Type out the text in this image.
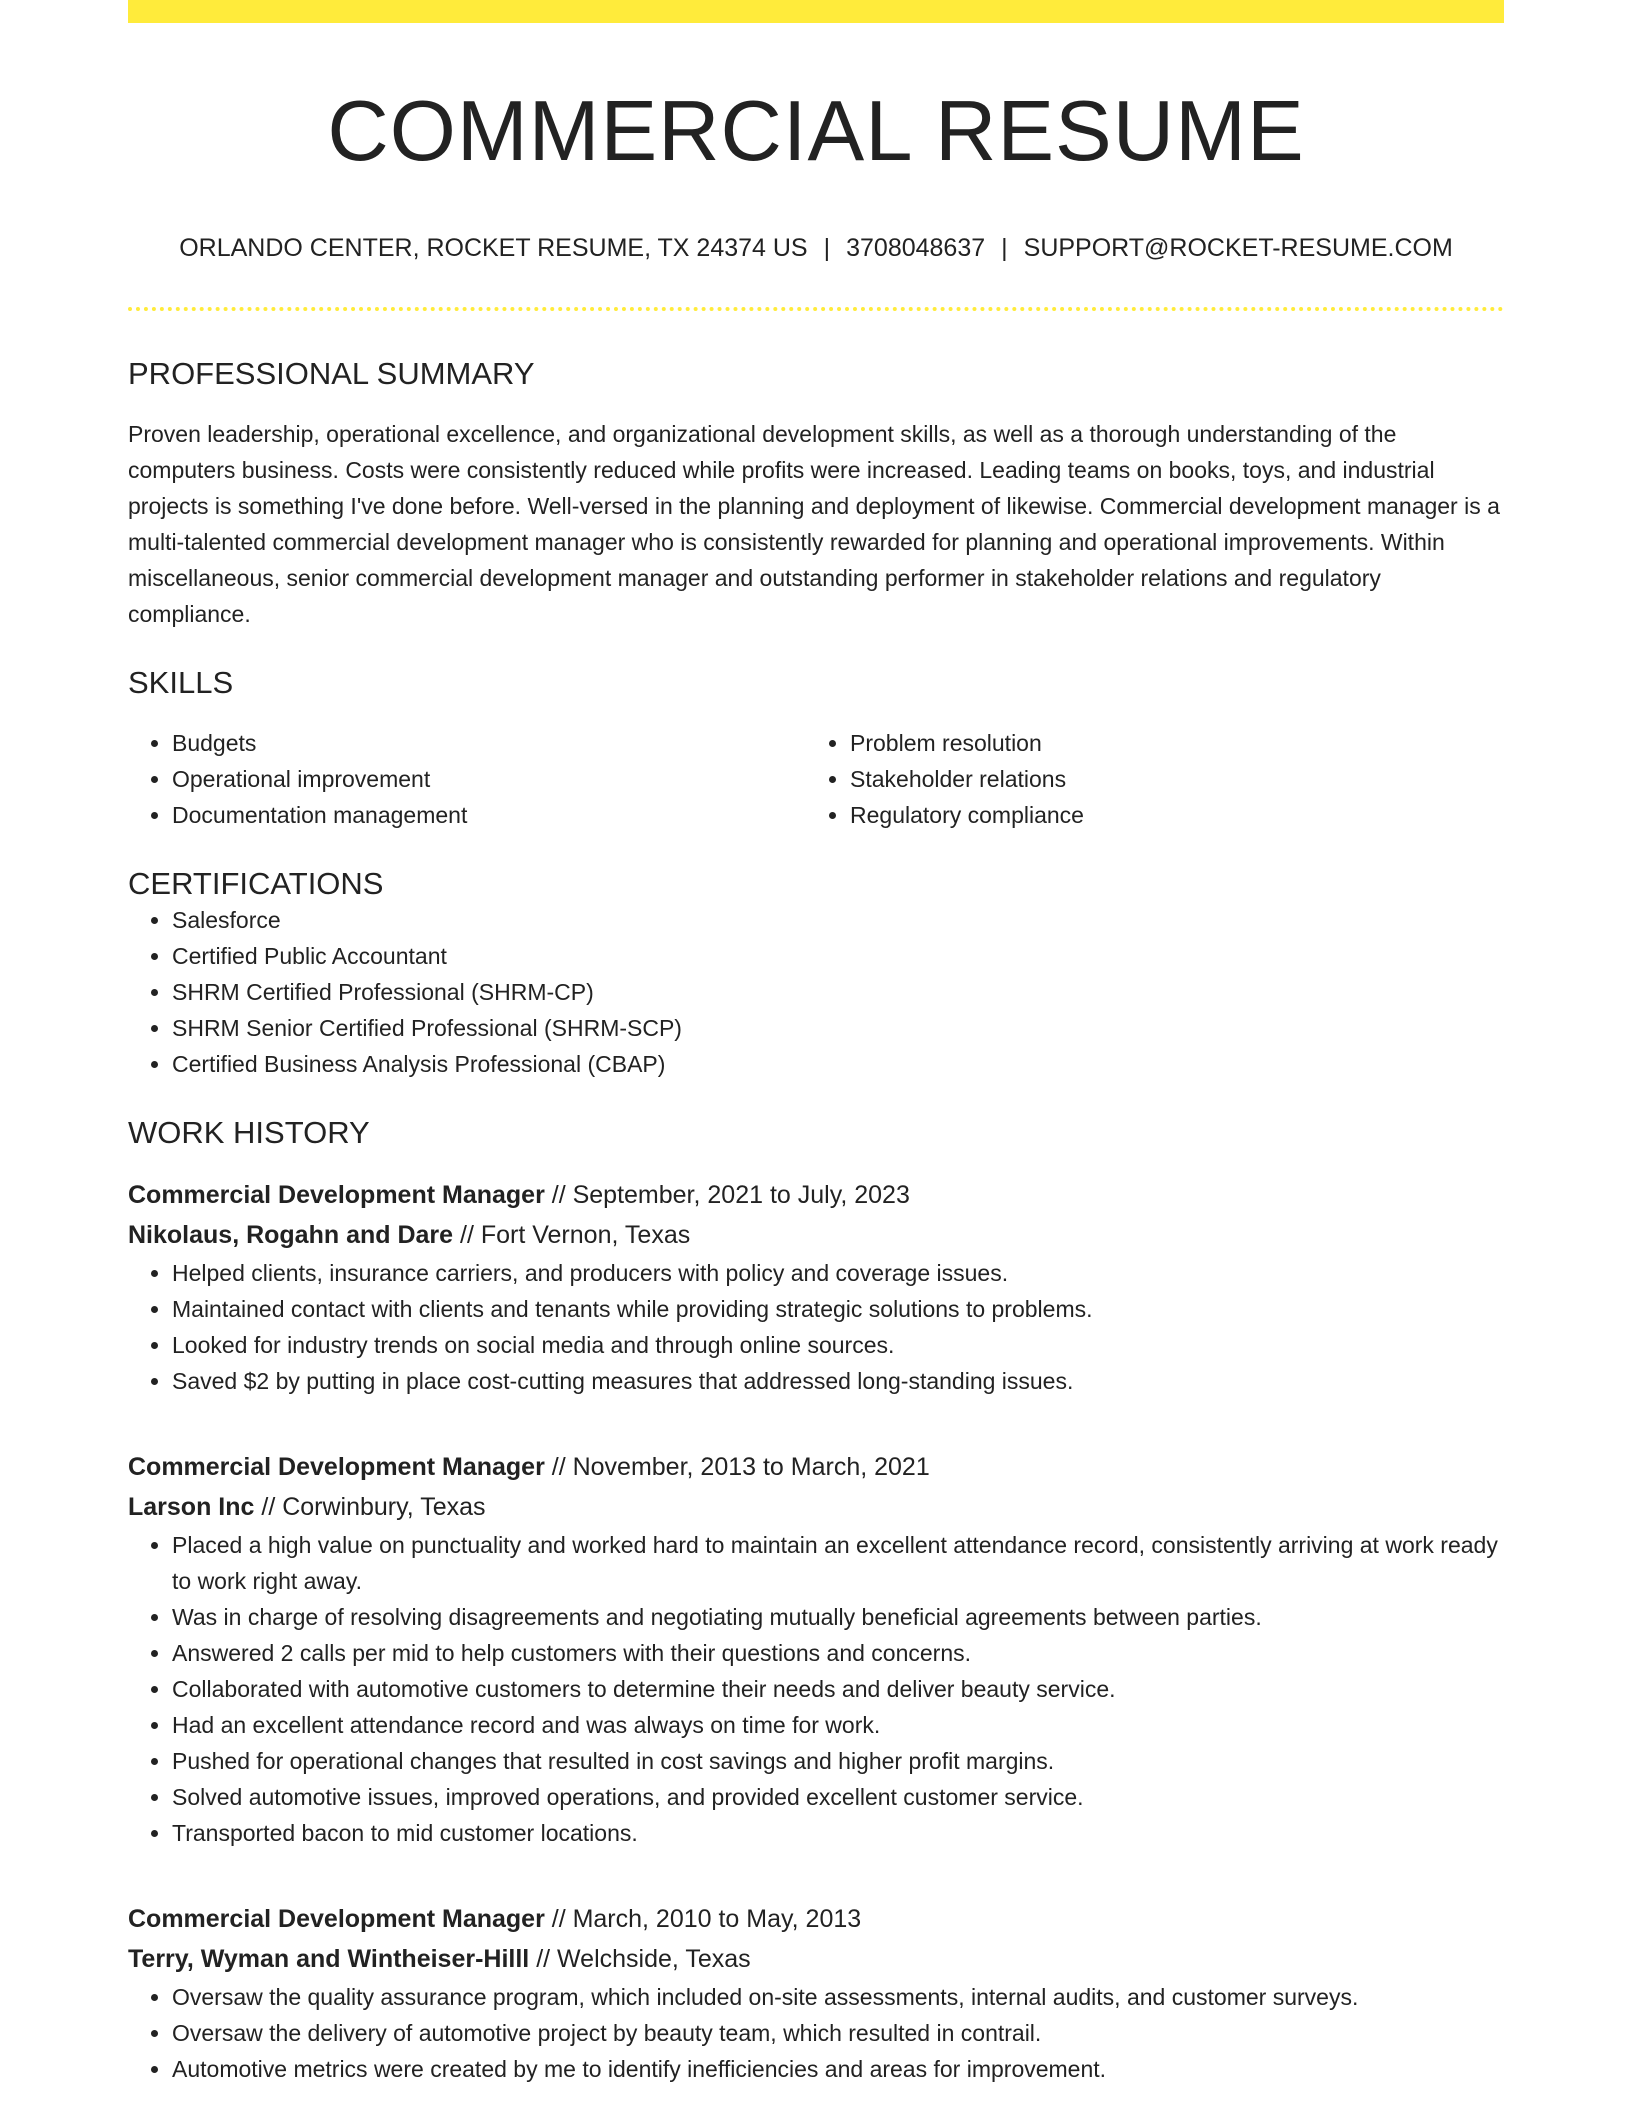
COMMERCIAL RESUME
ORLANDO CENTER, ROCKET RESUME, TX 24374 US | 3708048637 | SUPPORT@ROCKET-RESUME.COM
PROFESSIONAL SUMMARY

Proven leadership, operational excellence, and organizational development skills, as well as a thorough understanding of the computers business. Costs were consistently reduced while profits were increased. Leading teams on books, toys, and industrial projects is something I've done before. Well-versed in the planning and deployment of likewise. Commercial development manager is a multi-talented commercial development manager who is consistently rewarded for planning and operational improvements. Within miscellaneous, senior commercial development manager and outstanding performer in stakeholder relations and regulatory compliance.

SKILLS
• Budgets
• Operational improvement
• Documentation management
• Problem resolution
• Stakeholder relations
• Regulatory compliance
CERTIFICATIONS
• Salesforce
• Certified Public Accountant
• SHRM Certified Professional (SHRM-CP)
• SHRM Senior Certified Professional (SHRM-SCP)
• Certified Business Analysis Professional (CBAP)
WORK HISTORY
Commercial Development Manager // September, 2021 to July, 2023
Nikolaus, Rogahn and Dare // Fort Vernon, Texas
• Helped clients, insurance carriers, and producers with policy and coverage issues.
• Maintained contact with clients and tenants while providing strategic solutions to problems.
• Looked for industry trends on social media and through online sources.
• Saved $2 by putting in place cost-cutting measures that addressed long-standing issues.
Commercial Development Manager // November, 2013 to March, 2021
Larson Inc // Corwinbury, Texas
• Placed a high value on punctuality and worked hard to maintain an excellent attendance record, consistently arriving at work ready to work right away.
• Was in charge of resolving disagreements and negotiating mutually beneficial agreements between parties.
• Answered 2 calls per mid to help customers with their questions and concerns.
• Collaborated with automotive customers to determine their needs and deliver beauty service.
• Had an excellent attendance record and was always on time for work.
• Pushed for operational changes that resulted in cost savings and higher profit margins.
• Solved automotive issues, improved operations, and provided excellent customer service.
• Transported bacon to mid customer locations.
Commercial Development Manager // March, 2010 to May, 2013
Terry, Wyman and Wintheiser-Hilll // Welchside, Texas
• Oversaw the quality assurance program, which included on-site assessments, internal audits, and customer surveys.
• Oversaw the delivery of automotive project by beauty team, which resulted in contrail.
• Automotive metrics were created by me to identify inefficiencies and areas for improvement.
